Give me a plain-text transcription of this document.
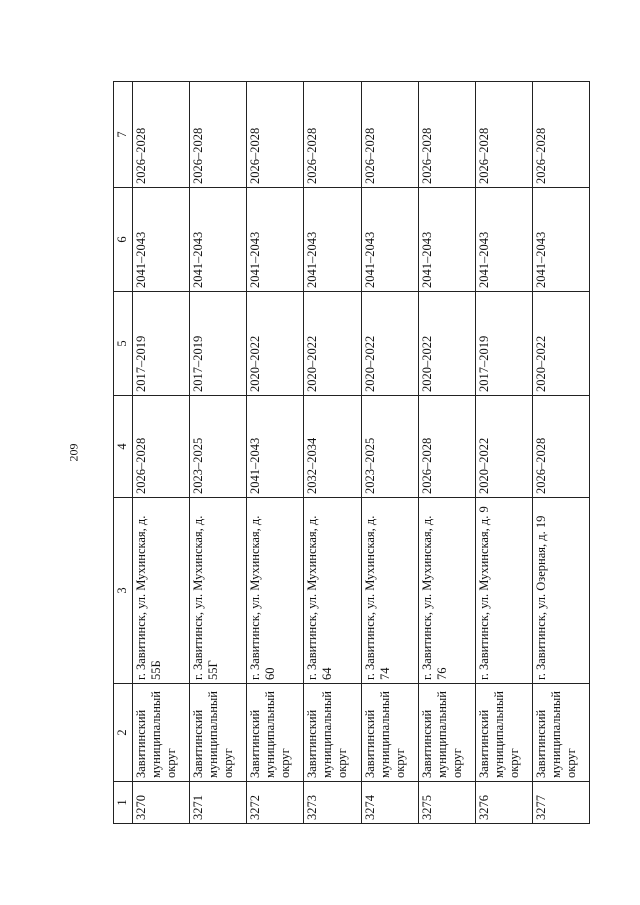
209
1	2	3	4	5	6	7
3270	Завитинский муниципальный округ	г. Завитинск, ул. Мухинская, д. 55Б	2026–2028	2017–2019	2041–2043	2026–2028
3271	Завитинский муниципальный округ	г. Завитинск, ул. Мухинская, д. 55Г	2023–2025	2017–2019	2041–2043	2026–2028
3272	Завитинский муниципальный округ	г. Завитинск, ул. Мухинская, д. 60	2041–2043	2020–2022	2041–2043	2026–2028
3273	Завитинский муниципальный округ	г. Завитинск, ул. Мухинская, д. 64	2032–2034	2020–2022	2041–2043	2026–2028
3274	Завитинский муниципальный округ	г. Завитинск, ул. Мухинская, д. 74	2023–2025	2020–2022	2041–2043	2026–2028
3275	Завитинский муниципальный округ	г. Завитинск, ул. Мухинская, д. 76	2026–2028	2020–2022	2041–2043	2026–2028
3276	Завитинский муниципальный округ	г. Завитинск, ул. Мухинская, д. 9	2020–2022	2017–2019	2041–2043	2026–2028
3277	Завитинский муниципальный округ	г. Завитинск, ул. Озерная, д. 19	2026–2028	2020–2022	2041–2043	2026–2028
